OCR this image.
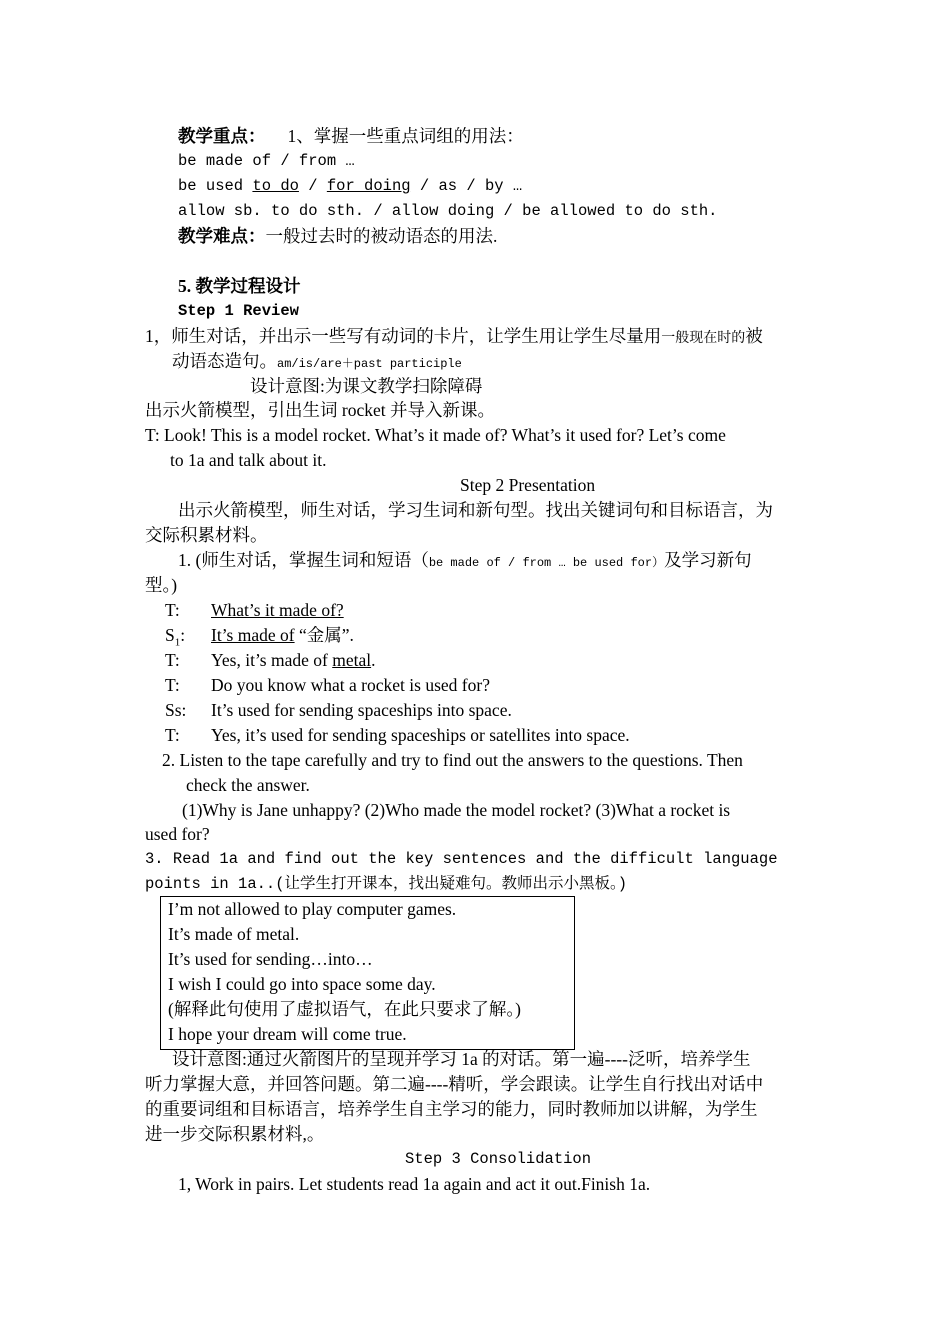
教学重点： 1、掌握一些重点词组的用法：
be made of / from …
be used to do / for doing / as / by …
allow sb. to do sth. / allow doing / be allowed to do sth.
教学难点：一般过去时的被动语态的用法.
5. 教学过程设计
Step 1 Review
1，师生对话，并出示一些写有动词的卡片，让学生用让学生尽量用一般现在时的被
动语态造句。am/is/are＋past participle
设计意图:为课文教学扫除障碍
出示火箭模型，引出生词 rocket 并导入新课。
T: Look! This is a model rocket. What’s it made of? What’s it used for? Let’s come
to 1a and talk about it.
Step 2 Presentation
出示火箭模型，师生对话，学习生词和新句型。找出关键词句和目标语言，为
交际积累材料。
1. (师生对话，掌握生词和短语（be made of / from … be used for）及学习新句
型。)
T: What’s it made of?
$S_1$: It’s made of “金属”.
T: Yes, it’s made of metal.
T: Do you know what a rocket is used for?
Ss: It’s used for sending spaceships into space.
T: Yes, it’s used for sending spaceships or satellites into space.
2. Listen to the tape carefully and try to find out the answers to the questions. Then
check the answer.
(1)Why is Jane unhappy? (2)Who made the model rocket? (3)What a rocket is
used for?
3. Read 1a and find out the key sentences and the difficult language
points in 1a..(让学生打开课本，找出疑难句。教师出示小黑板。)
I’m not allowed to play computer games.
It’s made of metal.
It’s used for sending…into…
I wish I could go into space some day.
(解释此句使用了虚拟语气，在此只要求了解。)
I hope your dream will come true.
设计意图:通过火箭图片的呈现并学习 1a 的对话。第一遍----泛听，培养学生
听力掌握大意，并回答问题。第二遍----精听，学会跟读。让学生自行找出对话中
的重要词组和目标语言，培养学生自主学习的能力，同时教师加以讲解，为学生
进一步交际积累材料,。
Step 3 Consolidation
1, Work in pairs. Let students read 1a again and act it out.Finish 1a.
